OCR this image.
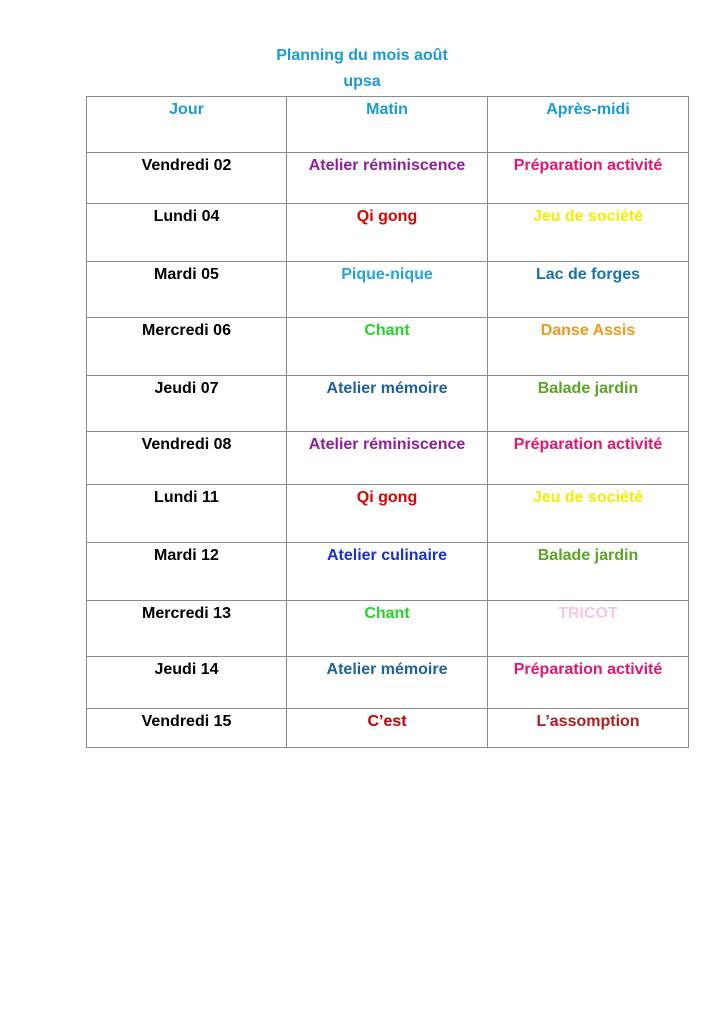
Planning du mois août
upsa
Jour	Matin	Après-midi
Vendredi 02	Atelier réminiscence	Préparation activité
Lundi 04	Qi gong	Jeu de société
Mardi 05	Pique-nique	Lac de forges
Mercredi 06	Chant	Danse Assis
Jeudi 07	Atelier mémoire	Balade jardin
Vendredi 08	Atelier réminiscence	Préparation activité
Lundi 11	Qi gong	Jeu de société
Mardi 12	Atelier culinaire	Balade jardin
Mercredi 13	Chant	TRICOT
Jeudi 14	Atelier mémoire	Préparation activité
Vendredi 15	C’est	L’assomption
